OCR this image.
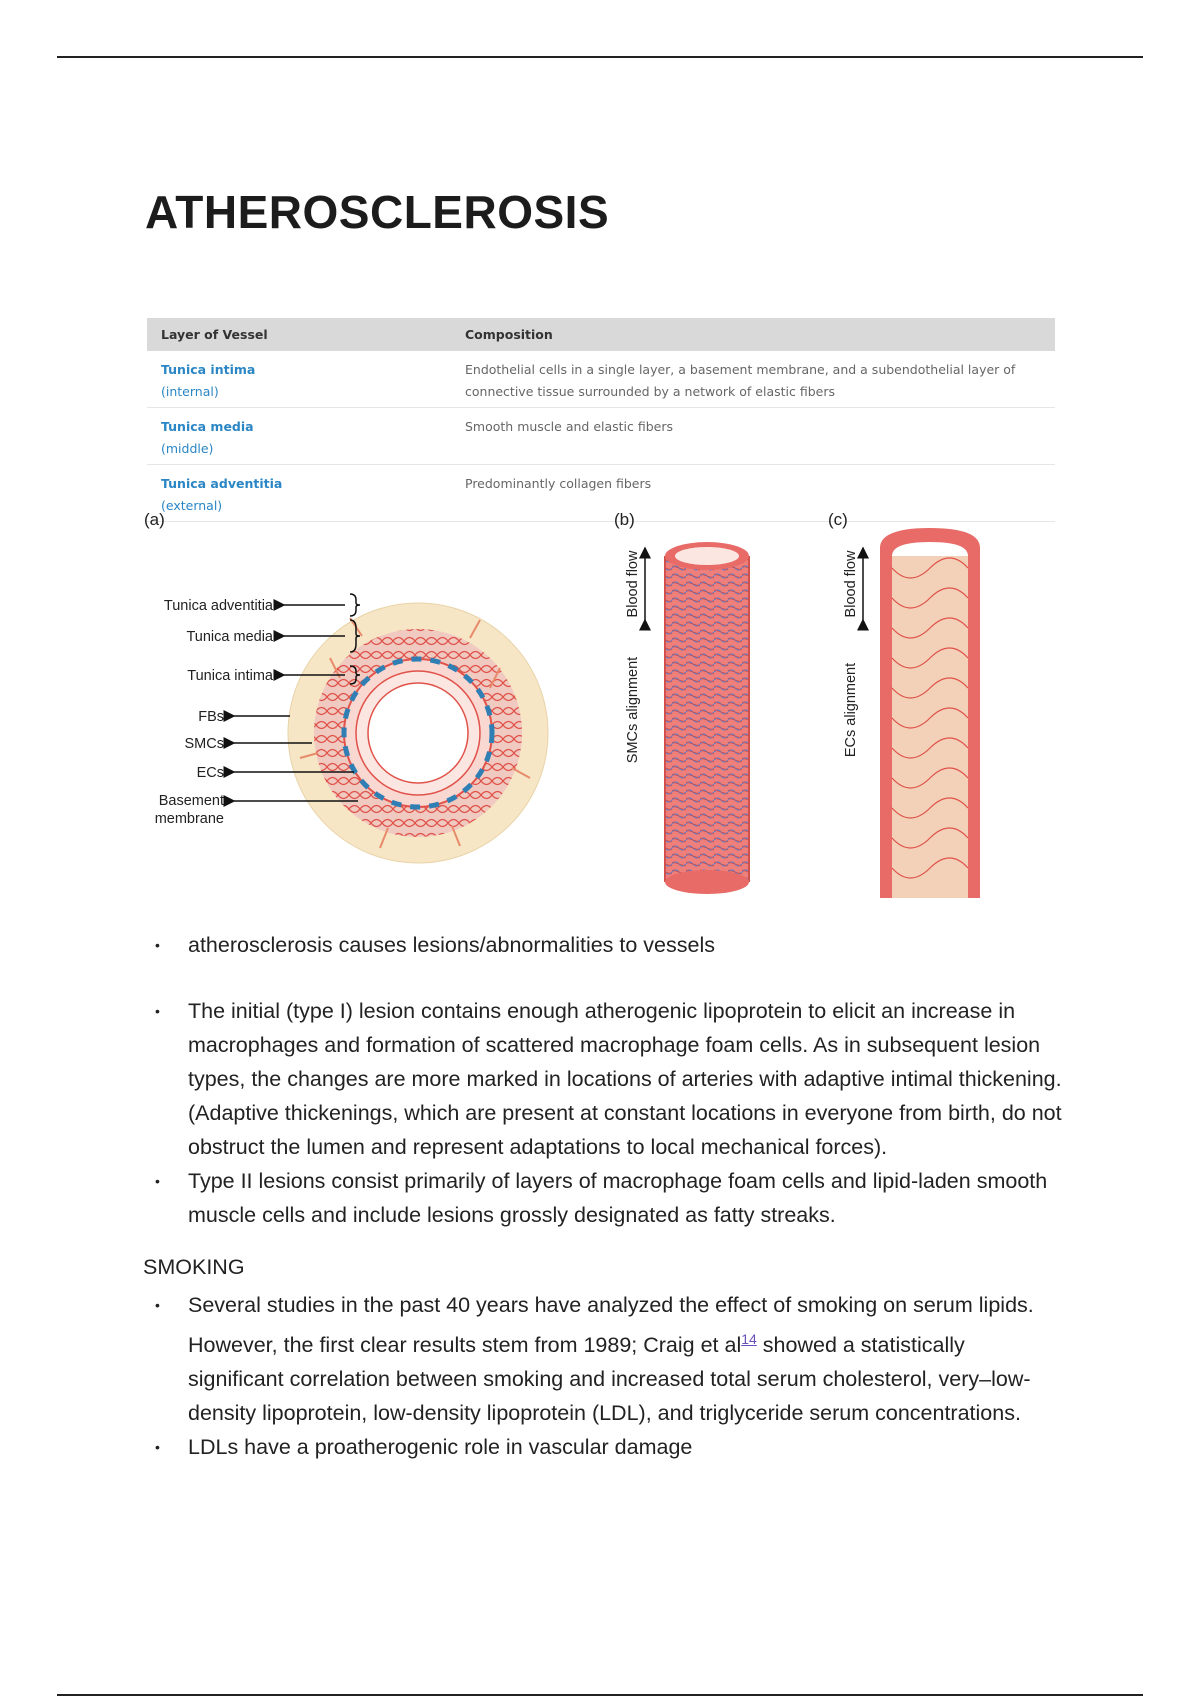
ATHEROSCLEROSIS
Layer of Vessel	Composition

Tunica intima
(internal)	Endothelial cells in a single layer, a basement membrane, and a subendothelial layer of
connective tissue surrounded by a network of elastic fibers

Tunica media
(middle)	Smooth muscle and elastic fibers

Tunica adventitia
(external)	Predominantly collagen fibers
(a)	(b)	(c)
Tunica adventitia
Tunica media
Tunica intima
FBs
SMCs
ECs
Basement
membrane
Blood flow
SMCs alignment
Blood flow
ECs alignment
• atherosclerosis causes lesions/abnormalities to vessels
• The initial (type I) lesion contains enough atherogenic lipoprotein to elicit an increase in macrophages and formation of scattered macrophage foam cells. As in subsequent lesion types, the changes are more marked in locations of arteries with adaptive intimal thickening. (Adaptive thickenings, which are present at constant locations in everyone from birth, do not obstruct the lumen and represent adaptations to local mechanical forces).
• Type II lesions consist primarily of layers of macrophage foam cells and lipid-laden smooth muscle cells and include lesions grossly designated as fatty streaks.
SMOKING
• Several studies in the past 40 years have analyzed the effect of smoking on serum lipids. However, the first clear results stem from 1989; Craig et $al^{14}$ showed a statistically significant correlation between smoking and increased total serum cholesterol, very–low-density lipoprotein, low-density lipoprotein (LDL), and triglyceride serum concentrations.
• LDLs have a proatherogenic role in vascular damage
